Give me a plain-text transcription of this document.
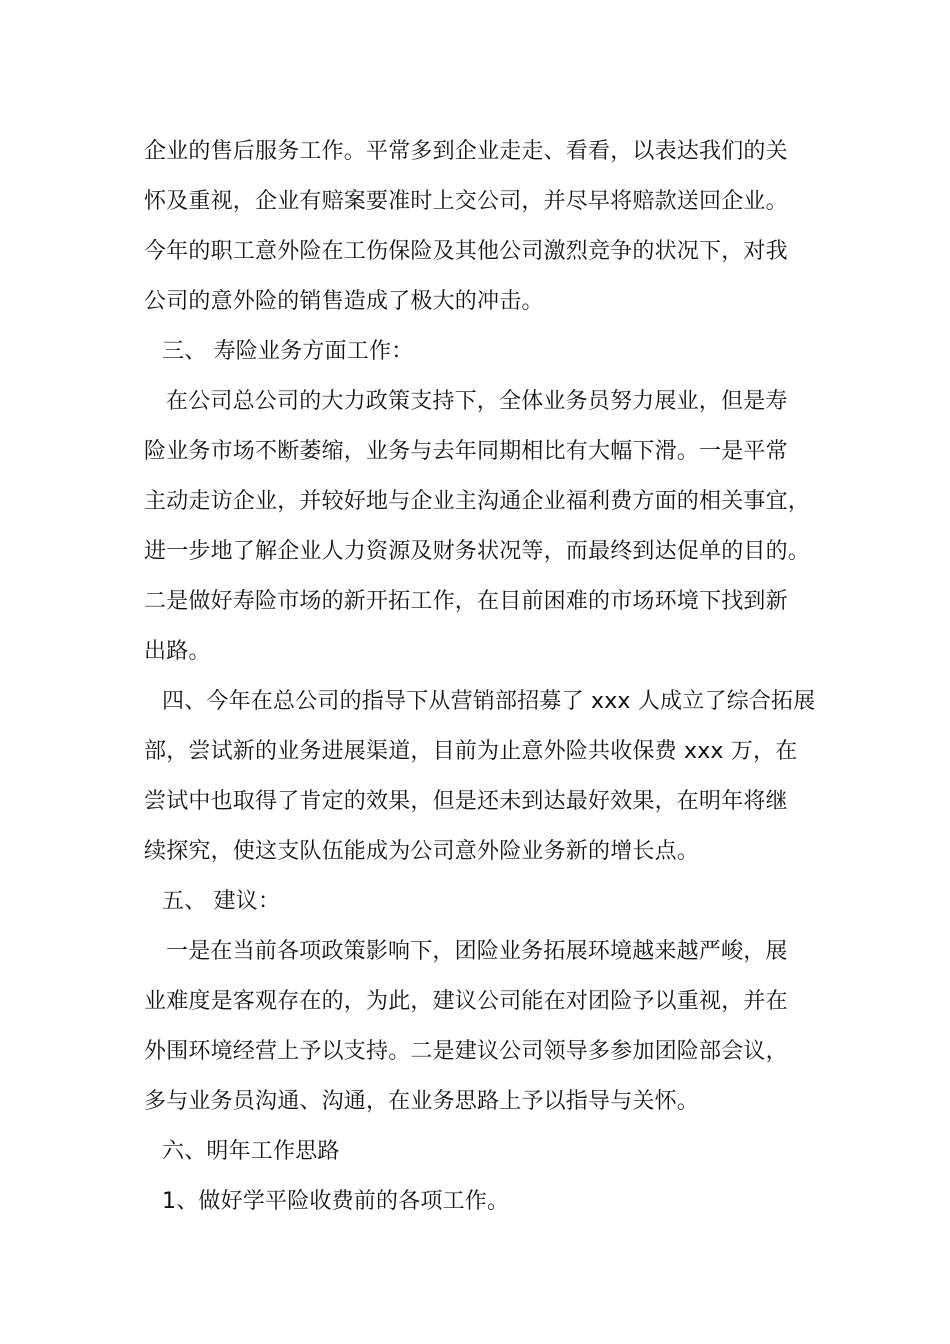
企业的售后服务工作。平常多到企业走走、看看，以表达我们的关
怀及重视，企业有赔案要准时上交公司，并尽早将赔款送回企业。
今年的职工意外险在工伤保险及其他公司激烈竞争的状况下，对我
公司的意外险的销售造成了极大的冲击。
三、 寿险业务方面工作：
在公司总公司的大力政策支持下，全体业务员努力展业，但是寿
险业务市场不断萎缩，业务与去年同期相比有大幅下滑。一是平常
主动走访企业，并较好地与企业主沟通企业福利费方面的相关事宜，
进一步地了解企业人力资源及财务状况等，而最终到达促单的目的。
二是做好寿险市场的新开拓工作，在目前困难的市场环境下找到新
出路。
四、今年在总公司的指导下从营销部招募了 xxx 人成立了综合拓展
部，尝试新的业务进展渠道，目前为止意外险共收保费 xxx 万，在
尝试中也取得了肯定的效果，但是还未到达最好效果，在明年将继
续探究，使这支队伍能成为公司意外险业务新的增长点。
五、 建议：
一是在当前各项政策影响下，团险业务拓展环境越来越严峻，展
业难度是客观存在的，为此，建议公司能在对团险予以重视，并在
外围环境经营上予以支持。二是建议公司领导多参加团险部会议，
多与业务员沟通、沟通，在业务思路上予以指导与关怀。
六、明年工作思路
1、做好学平险收费前的各项工作。
